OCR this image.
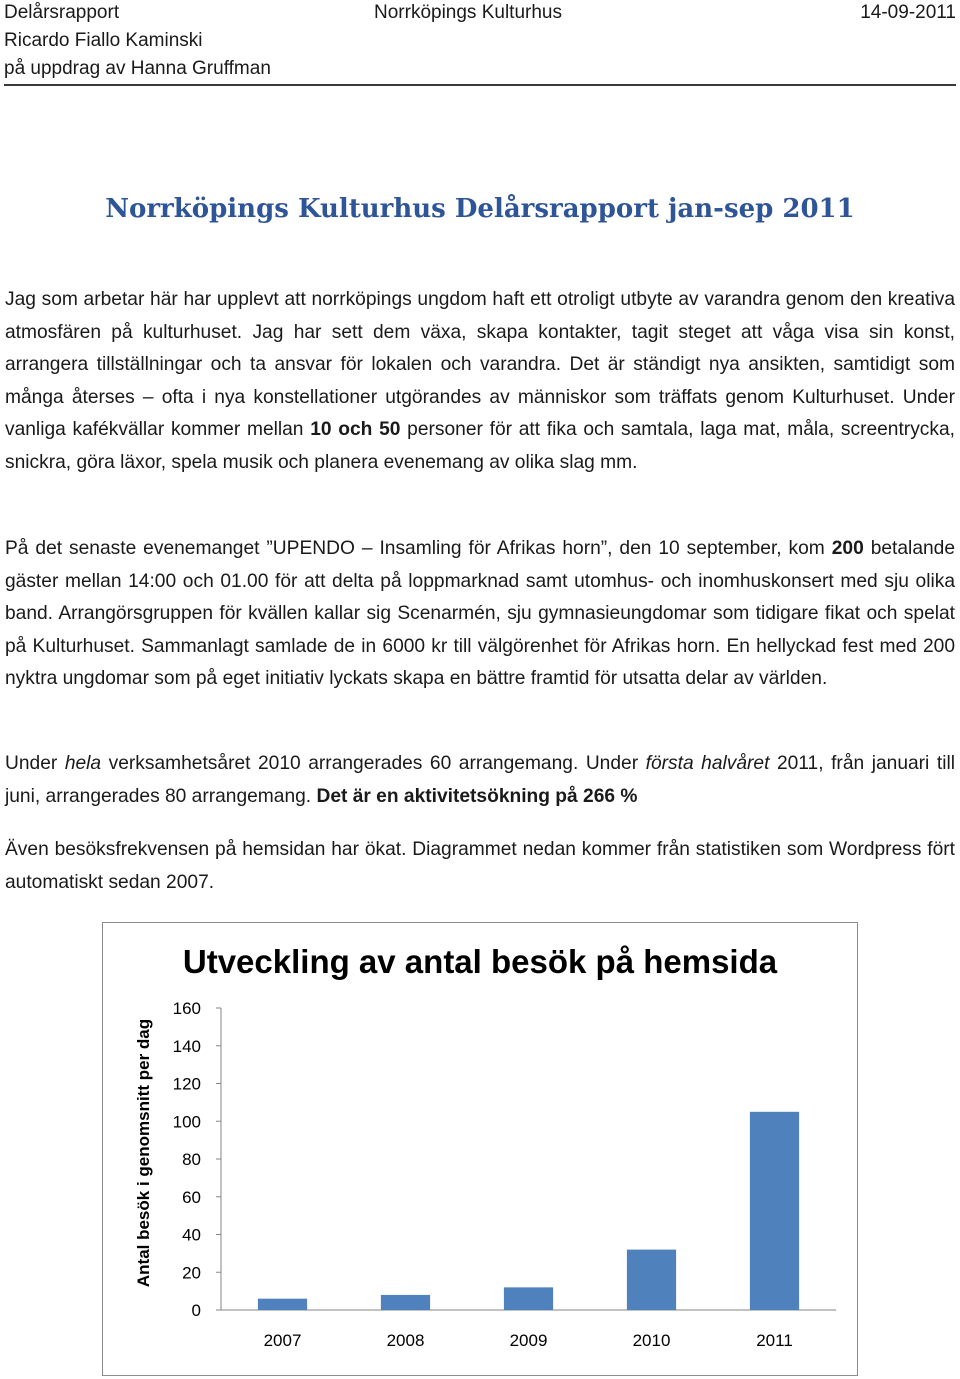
Delårsrapport
Ricardo Fiallo Kaminski
på uppdrag av Hanna Gruffman
Norrköpings Kulturhus	14-09-2011
Norrköpings Kulturhus Delårsrapport jan-sep 2011

Jag som arbetar här har upplevt att norrköpings ungdom haft ett otroligt utbyte av varandra genom den kreativa atmosfären på kulturhuset. Jag har sett dem växa, skapa kontakter, tagit steget att våga visa sin konst, arrangera tillställningar och ta ansvar för lokalen och varandra. Det är ständigt nya ansikten, samtidigt som många återses – ofta i nya konstellationer utgörandes av människor som träffats genom Kulturhuset. Under vanliga kafékvällar kommer mellan 10 och 50 personer för att fika och samtala, laga mat, måla, screentrycka, snickra, göra läxor, spela musik och planera evenemang av olika slag mm.

På det senaste evenemanget ”UPENDO – Insamling för Afrikas horn”, den 10 september, kom 200 betalande gäster mellan 14:00 och 01.00 för att delta på loppmarknad samt utomhus- och inomhuskonsert med sju olika band. Arrangörsgruppen för kvällen kallar sig Scenarmén, sju gymnasieungdomar som tidigare fikat och spelat på Kulturhuset. Sammanlagt samlade de in 6000 kr till välgörenhet för Afrikas horn. En hellyckad fest med 200 nyktra ungdomar som på eget initiativ lyckats skapa en bättre framtid för utsatta delar av världen.

Under hela verksamhetsåret 2010 arrangerades 60 arrangemang. Under första halvåret 2011, från januari till juni, arrangerades 80 arrangemang. Det är en aktivitetsökning på 266 %

Även besöksfrekvensen på hemsidan har ökat. Diagrammet nedan kommer från statistiken som Wordpress fört automatiskt sedan 2007.

Utveckling av antal besök på hemsida
Antal besök i genomsnitt per dag
0
20
40
60
80
100
120
140
160
2007	2008	2009	2010	2011
